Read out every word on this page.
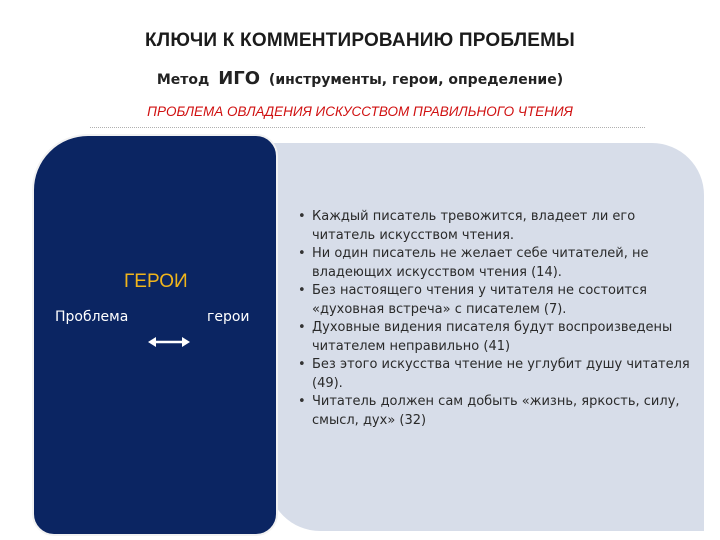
КЛЮЧИ К КОММЕНТИРОВАНИЮ ПРОБЛЕМЫ
Метод ИГО (инструменты, герои, определение)
ПРОБЛЕМА ОВЛАДЕНИЯ ИСКУССТВОМ ПРАВИЛЬНОГО ЧТЕНИЯ
ГЕРОИ
Проблема	герои
• Каждый писатель тревожится, владеет ли его читатель искусством чтения.
• Ни один писатель не желает себе читателей, не владеющих искусством чтения (14).
• Без настоящего чтения у читателя не состоится «духовная встреча» с писателем (7).
• Духовные видения писателя будут воспроизведены читателем неправильно (41)
• Без этого искусства чтение не углубит душу читателя (49).
• Читатель должен сам добыть «жизнь, яркость, силу, смысл, дух» (32)
